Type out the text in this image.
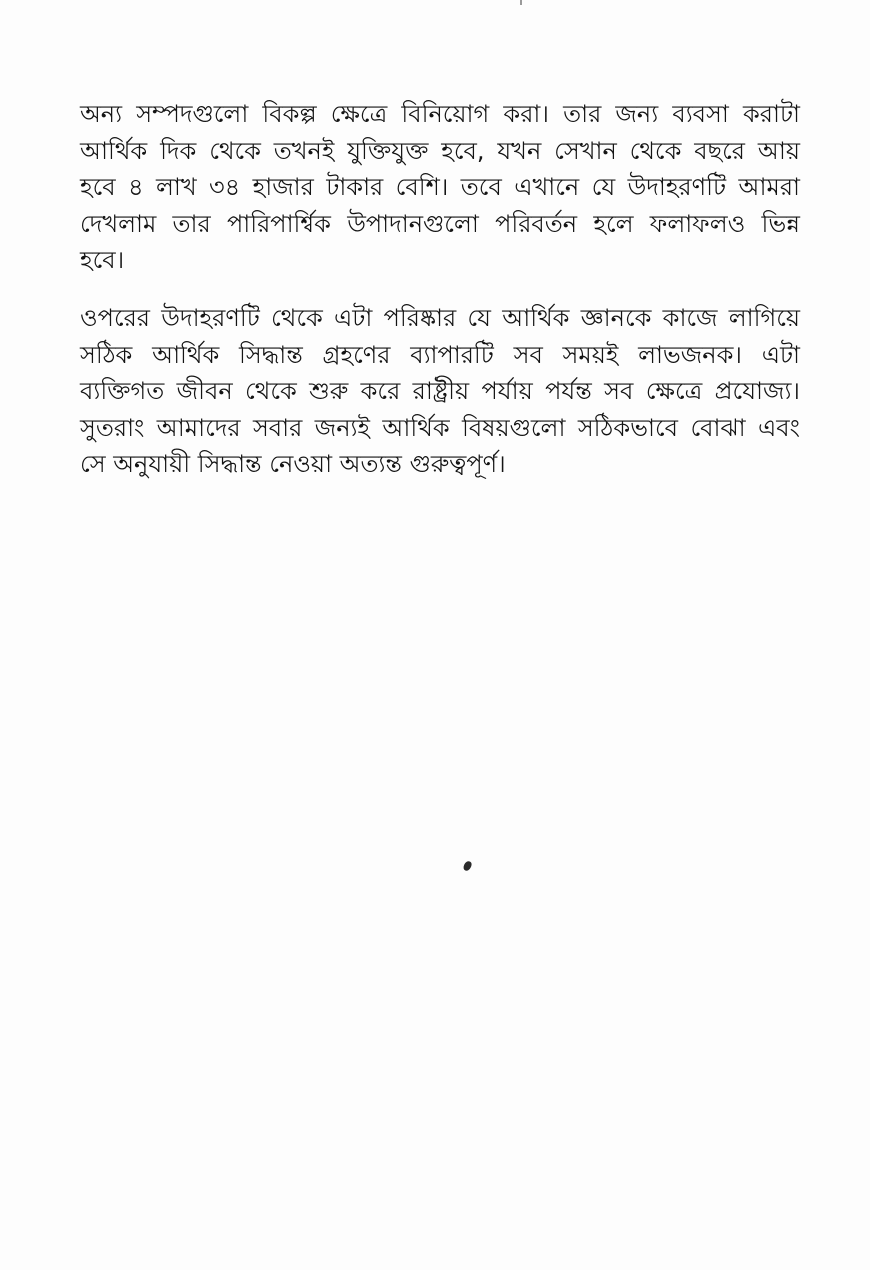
অন্য সম্পদগুলো বিকল্প ক্ষেত্রে বিনিয়োগ করা। তার জন্য ব্যবসা করাটা
আর্থিক দিক থেকে তখনই যুক্তিযুক্ত হবে, যখন সেখান থেকে বছরে আয়
হবে ৪ লাখ ৩৪ হাজার টাকার বেশি। তবে এখানে যে উদাহরণটি আমরা
দেখলাম তার পারিপার্শ্বিক উপাদানগুলো পরিবর্তন হলে ফলাফলও ভিন্ন
হবে।
ওপরের উদাহরণটি থেকে এটা পরিষ্কার যে আর্থিক জ্ঞানকে কাজে লাগিয়ে
সঠিক আর্থিক সিদ্ধান্ত গ্রহণের ব্যাপারটি সব সময়ই লাভজনক। এটা
ব্যক্তিগত জীবন থেকে শুরু করে রাষ্ট্রীয় পর্যায় পর্যন্ত সব ক্ষেত্রে প্রযোজ্য।
সুতরাং আমাদের সবার জন্যই আর্থিক বিষয়গুলো সঠিকভাবে বোঝা এবং
সে অনুযায়ী সিদ্ধান্ত নেওয়া অত্যন্ত গুরুত্বপূর্ণ।
